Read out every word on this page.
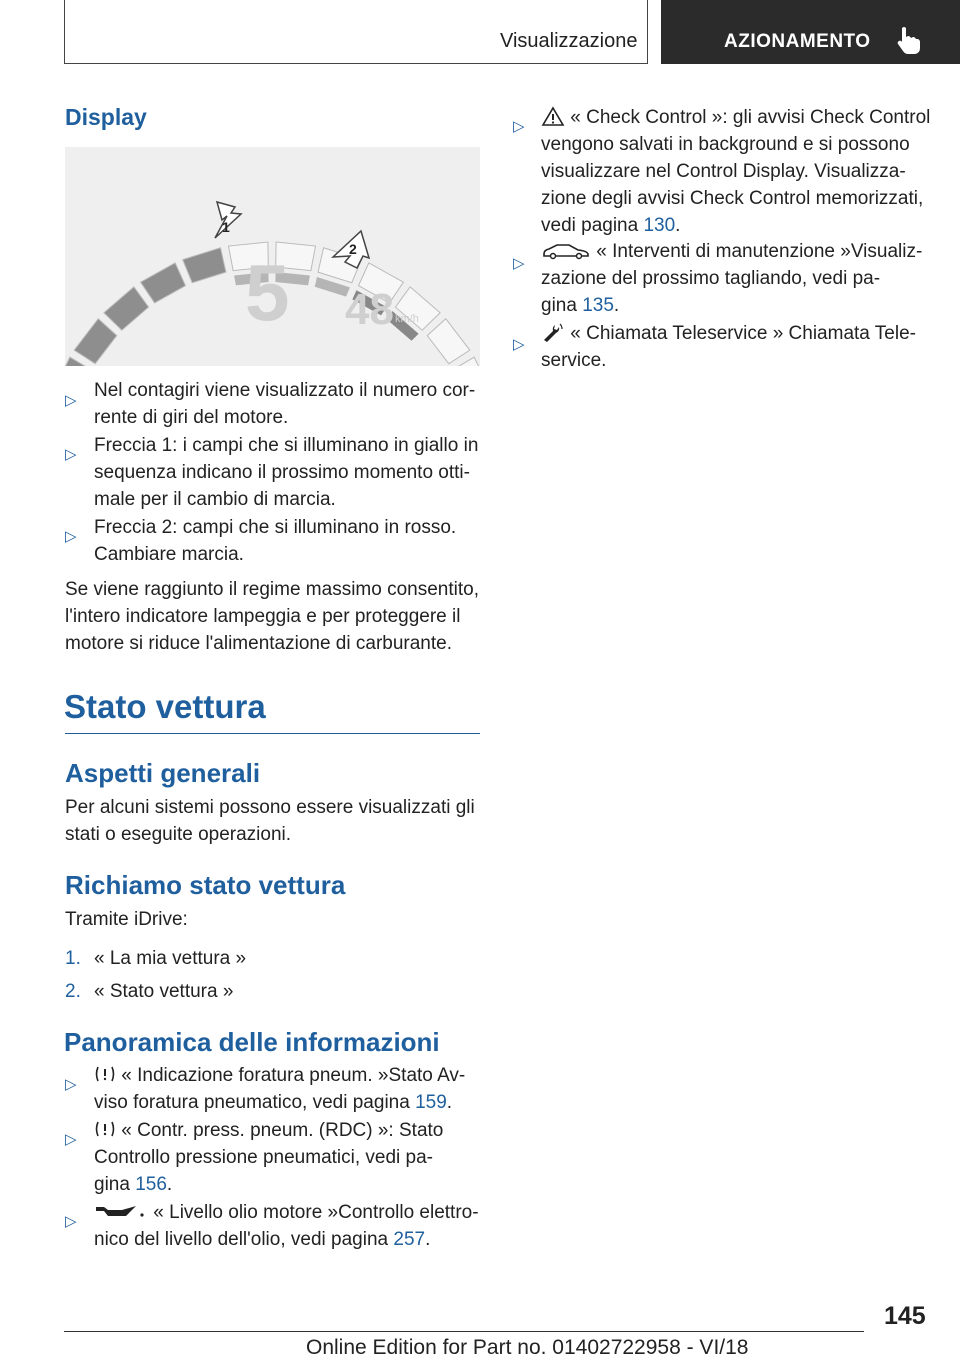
Visualizzazione	AZIONAMENTO
Display
5 48 km/h
1
2
▷ Nel contagiri viene visualizzato il numero cor-
rente di giri del motore.
▷ Freccia 1: i campi che si illuminano in giallo in
sequenza indicano il prossimo momento otti-
male per il cambio di marcia.
▷ Freccia 2: campi che si illuminano in rosso.
Cambiare marcia.
Se viene raggiunto il regime massimo consentito,
l'intero indicatore lampeggia e per proteggere il
motore si riduce l'alimentazione di carburante.
Stato vettura
Aspetti generali
Per alcuni sistemi possono essere visualizzati gli
stati o eseguite operazioni.
Richiamo stato vettura
Tramite iDrive:
1. « La mia vettura »
2. « Stato vettura »
Panoramica delle informazioni
▷	« Indicazione foratura pneum. »Stato Av-
viso foratura pneumatico, vedi pagina 159.
▷	« Contr. press. pneum. (RDC) »: Stato
Controllo pressione pneumatici, vedi pa-
gina 156.
▷	« Livello olio motore »Controllo elettro-
nico del livello dell'olio, vedi pagina 257.
▷	« Check Control »: gli avvisi Check Control
vengono salvati in background e si possono
visualizzare nel Control Display. Visualizza-
zione degli avvisi Check Control memorizzati,
vedi pagina 130.
▷
« Interventi di manutenzione »Visualiz-
zazione del prossimo tagliando, vedi pa-
gina 135.
▷
« Chiamata Teleservice » Chiamata Tele-
service.
145
Online Edition for Part no. 01402722958 - VI/18
